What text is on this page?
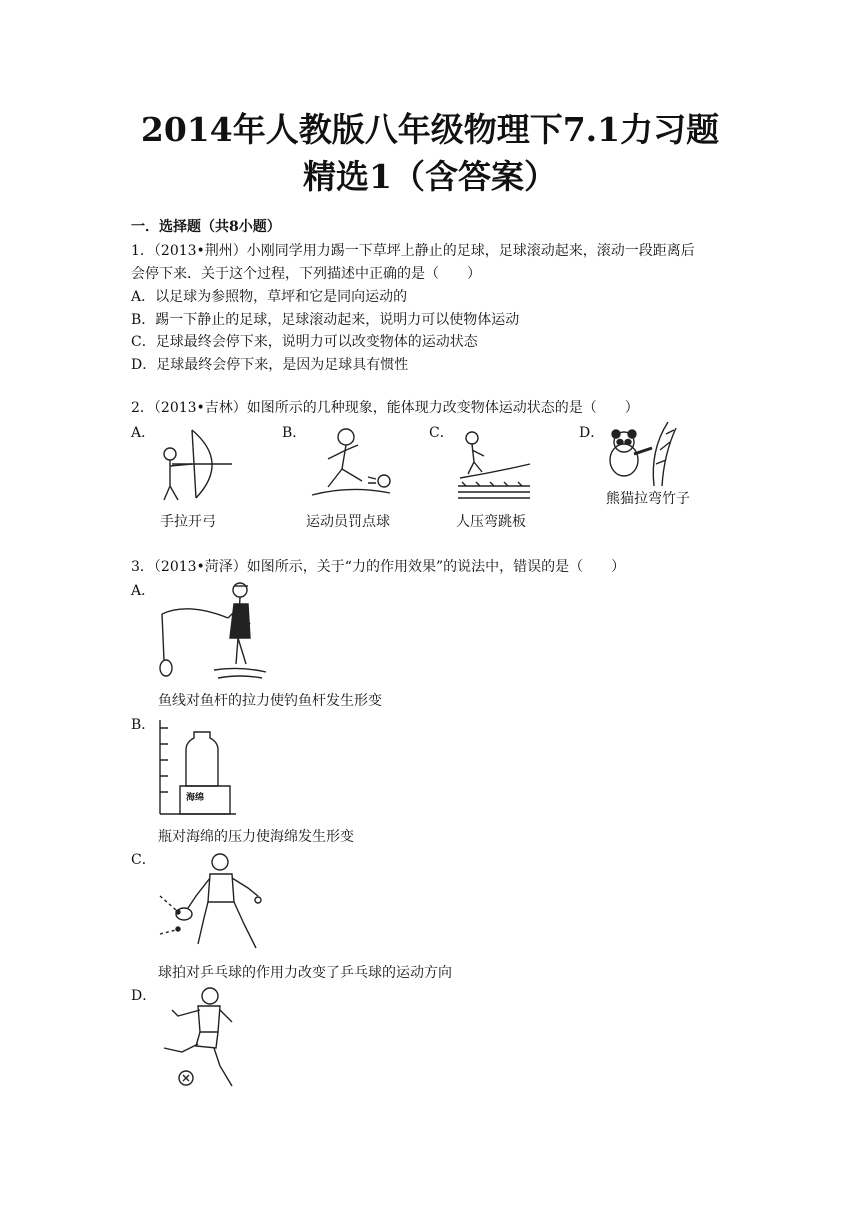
2014年人教版八年级物理下7.1力习题
精选1（含答案）
一．选择题（共8小题）
1．（2013•荆州）小刚同学用力踢一下草坪上静止的足球，足球滚动起来，滚动一段距离后
会停下来．关于这个过程，下列描述中正确的是（　　）
A．以足球为参照物，草坪和它是同向运动的
B．踢一下静止的足球，足球滚动起来，说明力可以使物体运动
C．足球最终会停下来，说明力可以改变物体的运动状态
D．足球最终会停下来，是因为足球具有惯性
2．（2013•吉林）如图所示的几种现象，能体现力改变物体运动状态的是（　　）
A．	B．	C．	D．
手拉开弓	运动员罚点球	人压弯跳板
熊猫拉弯竹子
3．（2013•菏泽）如图所示，关于“力的作用效果”的说法中，错误的是（　　）
A．
鱼线对鱼杆的拉力使钓鱼杆发生形变
B．
海绵
瓶对海绵的压力使海绵发生形变
C．
球拍对乒乓球的作用力改变了乒乓球的运动方向
D．
